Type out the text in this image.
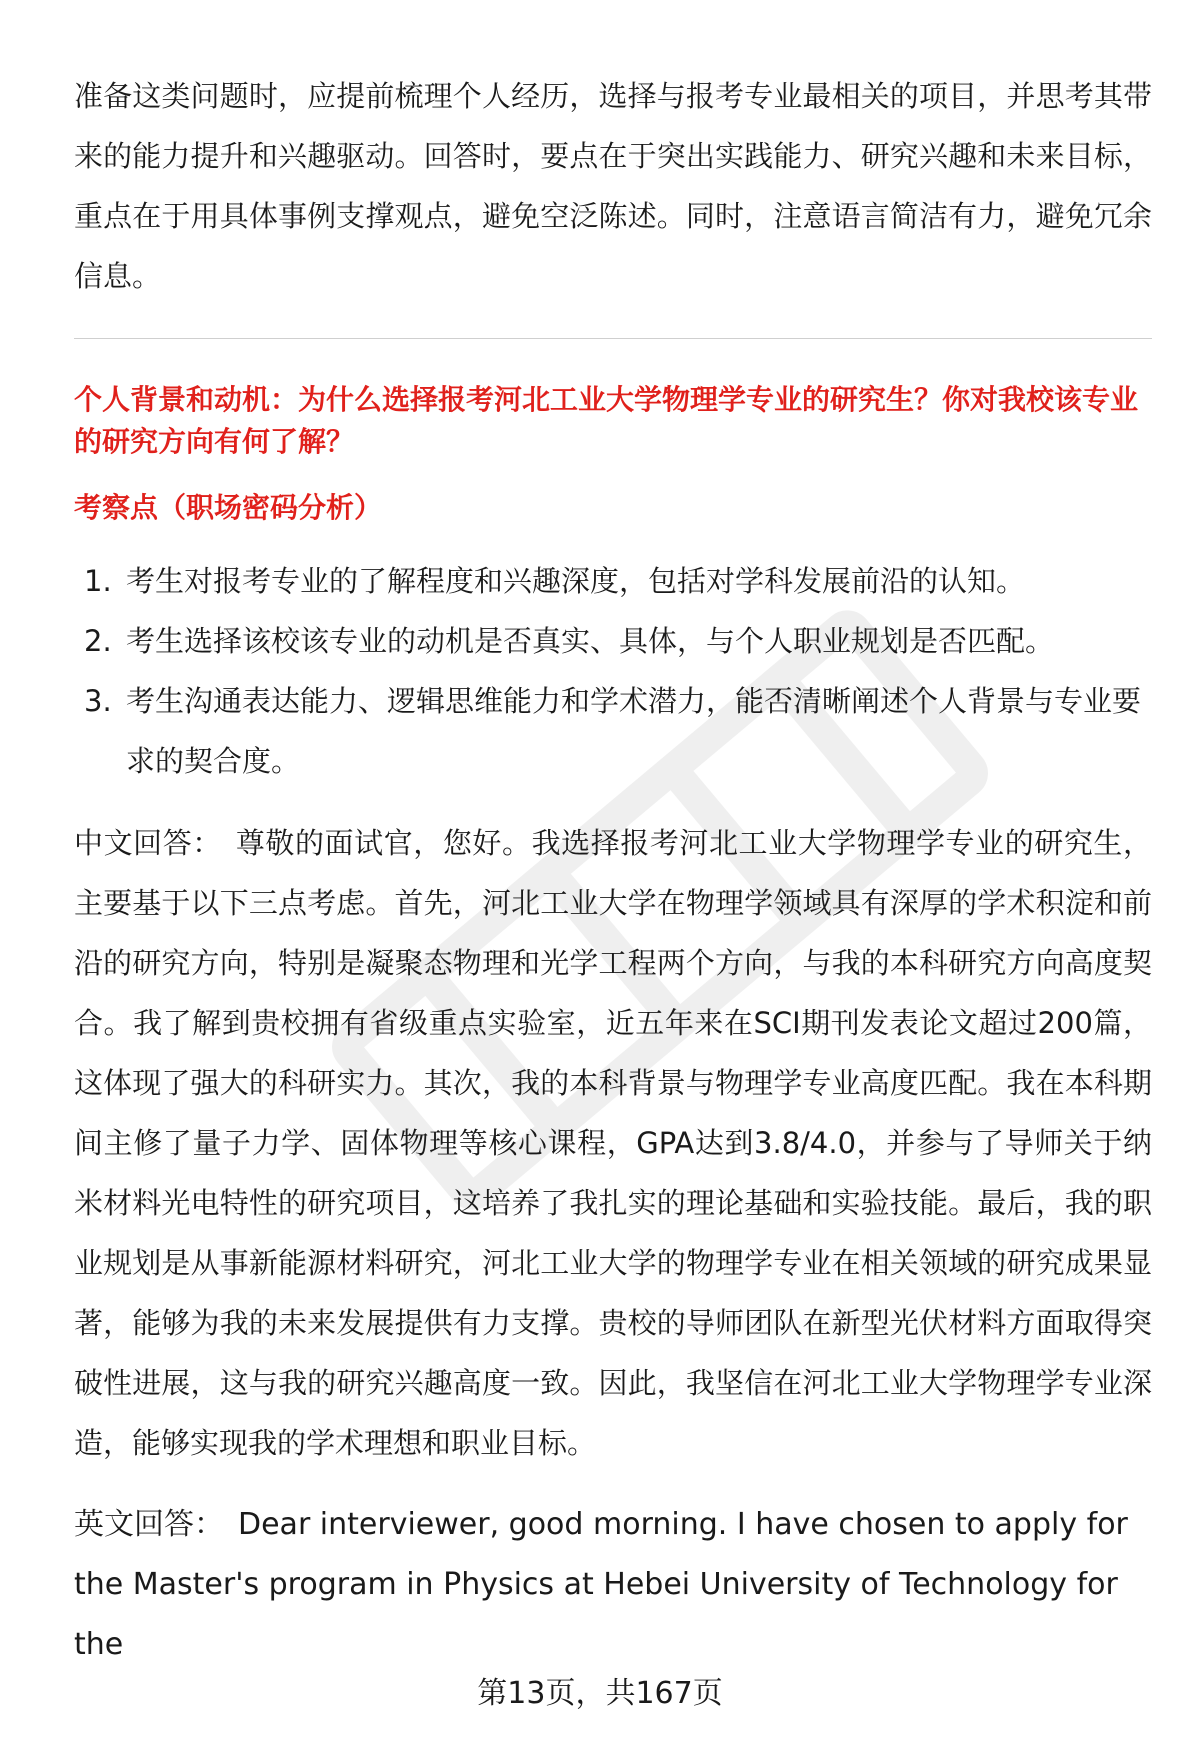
准备这类问题时，应提前梳理个人经历，选择与报考专业最相关的项目，并思考其带来的能力提升和兴趣驱动。回答时，要点在于突出实践能力、研究兴趣和未来目标，重点在于用具体事例支撑观点，避免空泛陈述。同时，注意语言简洁有力，避免冗余信息。

个人背景和动机：为什么选择报考河北工业大学物理学专业的研究生？你对我校该专业的研究方向有何了解？

考察点（职场密码分析）

1. 考生对报考专业的了解程度和兴趣深度，包括对学科发展前沿的认知。
2. 考生选择该校该专业的动机是否真实、具体，与个人职业规划是否匹配。
3. 考生沟通表达能力、逻辑思维能力和学术潜力，能否清晰阐述个人背景与专业要求的契合度。

中文回答： 尊敬的面试官，您好。我选择报考河北工业大学物理学专业的研究生，主要基于以下三点考虑。首先，河北工业大学在物理学领域具有深厚的学术积淀和前沿的研究方向，特别是凝聚态物理和光学工程两个方向，与我的本科研究方向高度契合。我了解到贵校拥有省级重点实验室，近五年来在SCI期刊发表论文超过200篇，这体现了强大的科研实力。其次，我的本科背景与物理学专业高度匹配。我在本科期间主修了量子力学、固体物理等核心课程，GPA达到3.8/4.0，并参与了导师关于纳米材料光电特性的研究项目，这培养了我扎实的理论基础和实验技能。最后，我的职业规划是从事新能源材料研究，河北工业大学的物理学专业在相关领域的研究成果显著，能够为我的未来发展提供有力支撑。贵校的导师团队在新型光伏材料方面取得突破性进展，这与我的研究兴趣高度一致。因此，我坚信在河北工业大学物理学专业深造，能够实现我的学术理想和职业目标。

英文回答： Dear interviewer, good morning. I have chosen to apply for the Master's program in Physics at Hebei University of Technology for the

第13页，共167页
